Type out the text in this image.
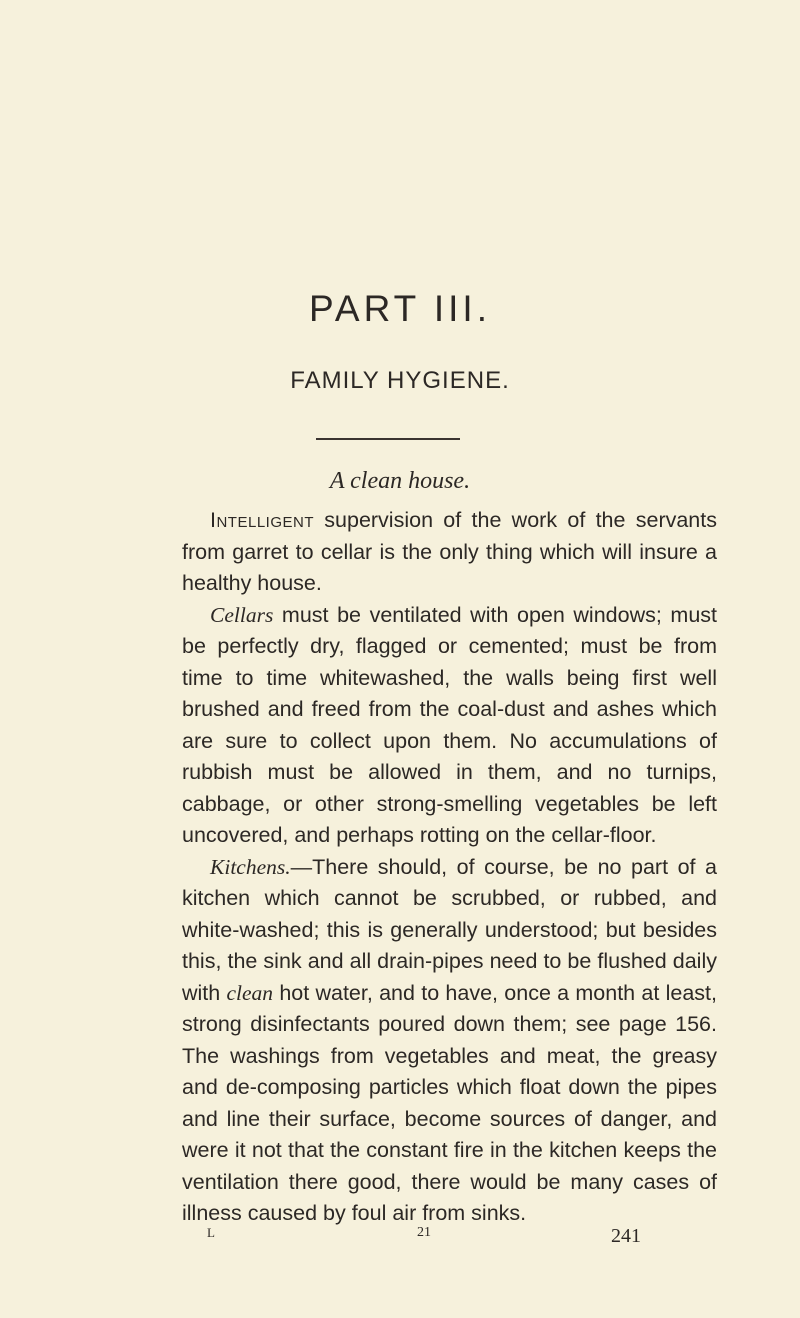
PART III.
FAMILY HYGIENE.
A clean house.

Intelligent supervision of the work of the servants from garret to cellar is the only thing which will insure a healthy house.

Cellars must be ventilated with open windows; must be perfectly dry, flagged or cemented; must be from time to time whitewashed, the walls being first well brushed and freed from the coal-dust and ashes which are sure to collect upon them. No accumulations of rubbish must be allowed in them, and no turnips, cabbage, or other strong-smelling vegetables be left uncovered, and perhaps rotting on the cellar-floor.

Kitchens.—There should, of course, be no part of a kitchen which cannot be scrubbed, or rubbed, and white-washed; this is generally understood; but besides this, the sink and all drain-pipes need to be flushed daily with clean hot water, and to have, once a month at least, strong disinfectants poured down them; see page 156. The washings from vegetables and meat, the greasy and de-composing particles which float down the pipes and line their surface, become sources of danger, and were it not that the constant fire in the kitchen keeps the ventilation there good, there would be many cases of illness caused by foul air from sinks.

L	21	241
